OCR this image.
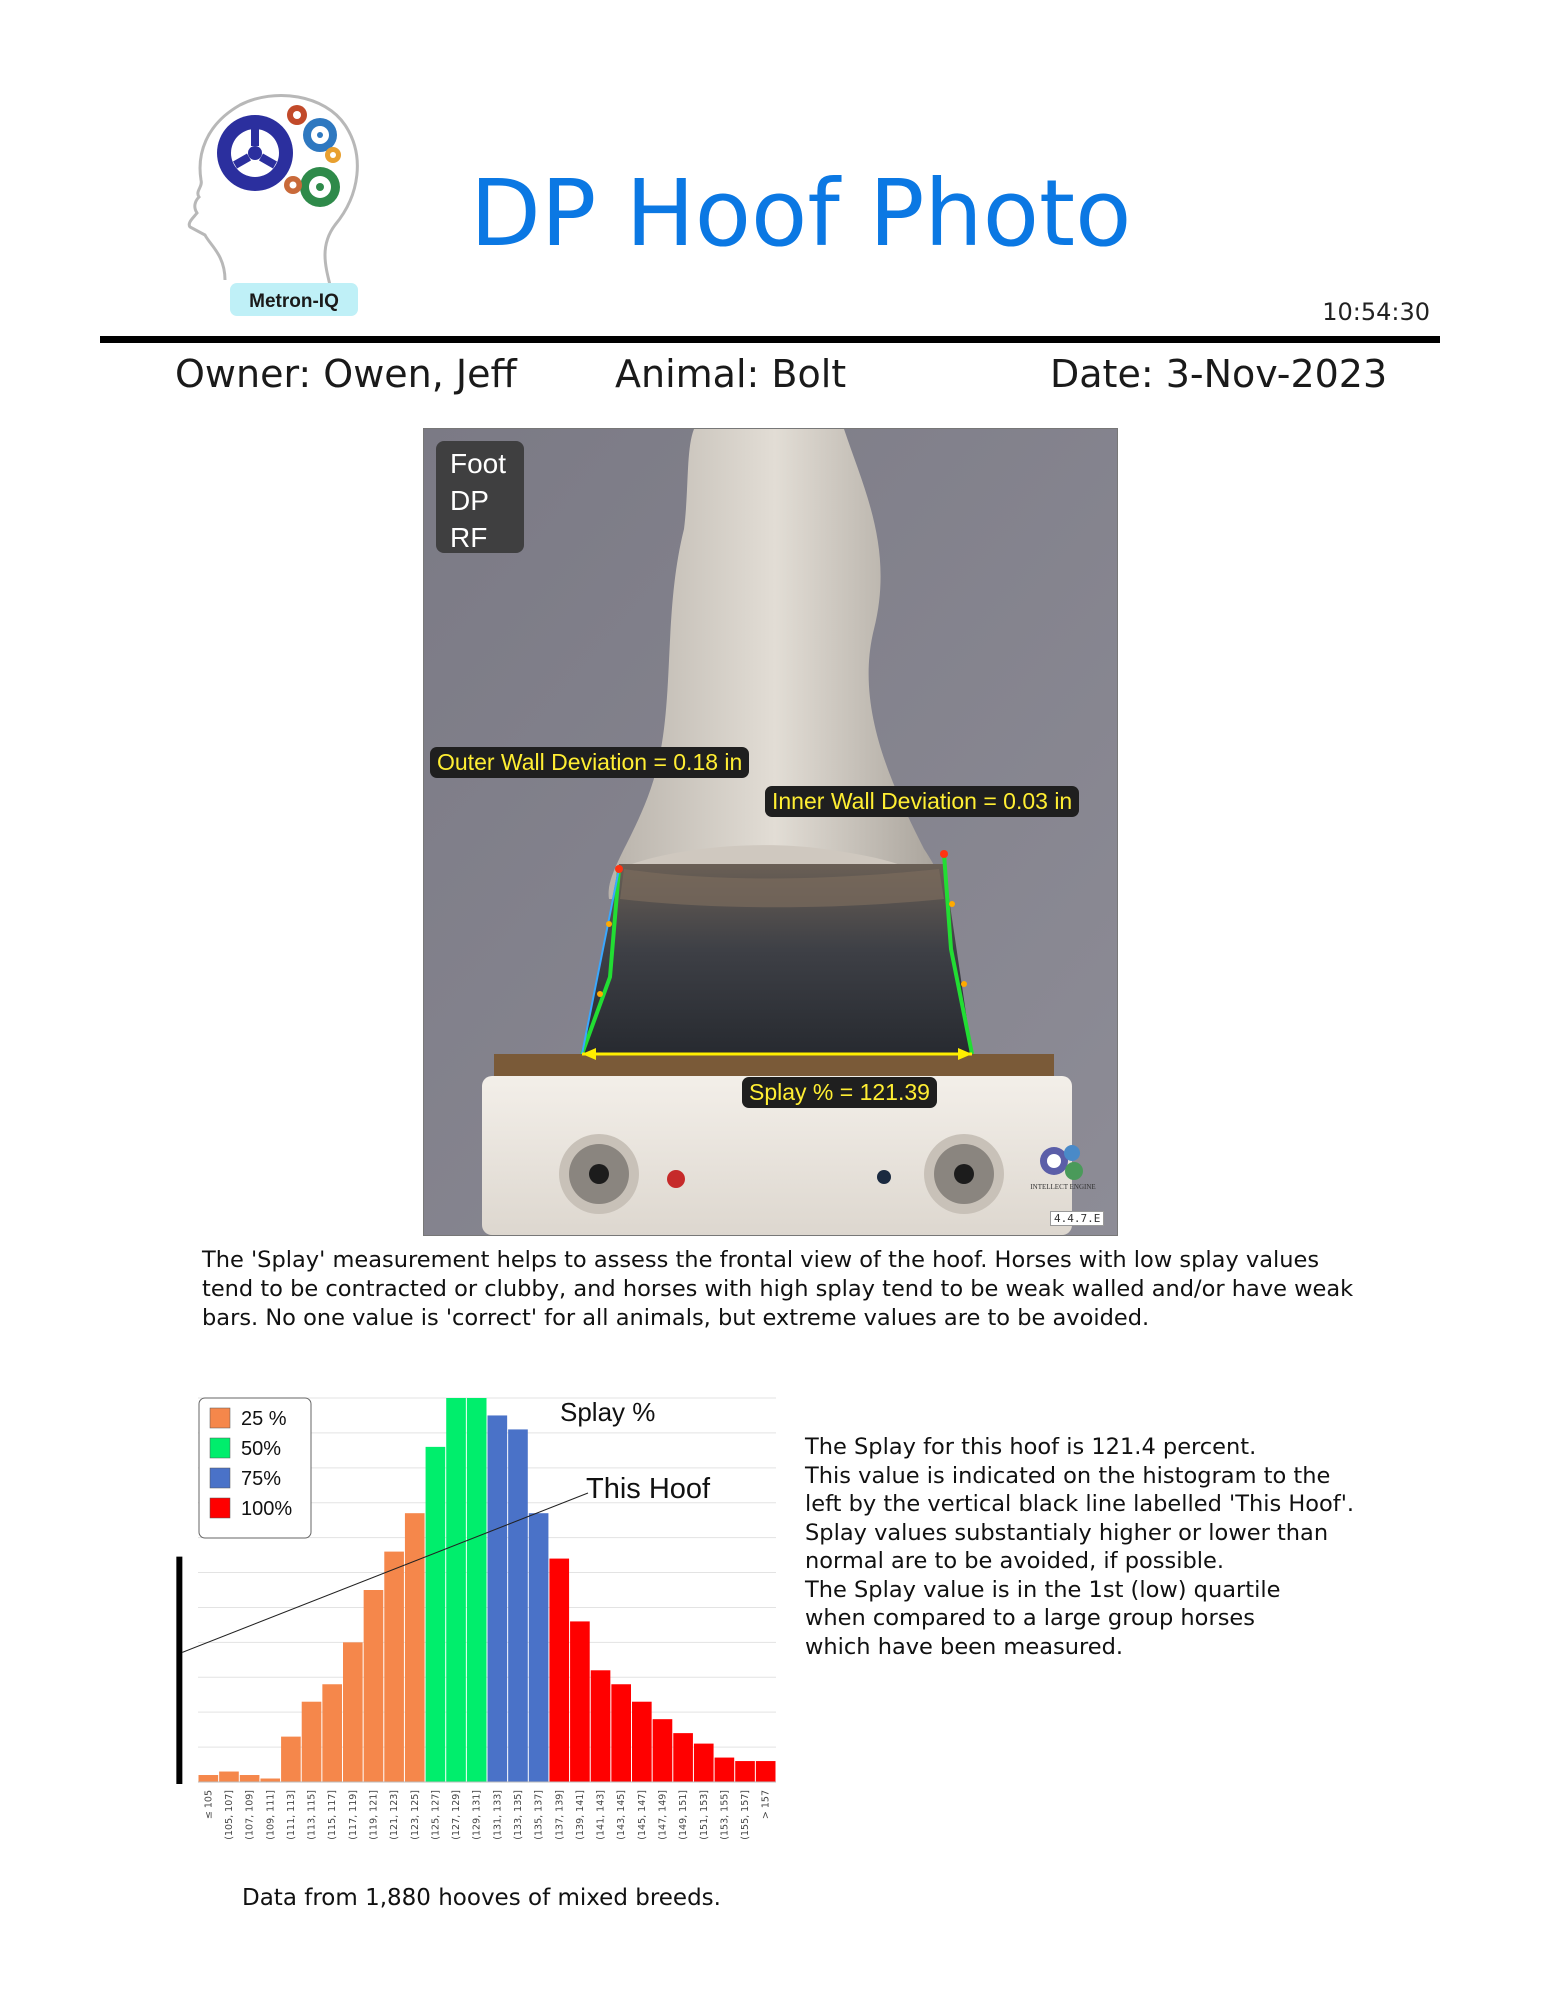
Metron-IQ
DP Hoof Photo
10:54:30
Owner: Owen, Jeff	Animal: Bolt	Date: 3-Nov-2023
Foot
DP
RF
Outer Wall Deviation = 0.18 in
Inner Wall Deviation = 0.03 in
Splay % = 121.39
INTELLECT ENGINE
4.4.7.E
The 'Splay' measurement helps to assess the frontal view of the hoof. Horses with low splay values
tend to be contracted or clubby, and horses with high splay tend to be weak walled and/or have weak
bars. No one value is 'correct' for all animals, but extreme values are to be avoided.
≤ 105 (105, 107] (107, 109] (109, 111] (111, 113] (113, 115] (115, 117] (117, 119] (119, 121] (121, 123] (123, 125] (125, 127] (127, 129] (129, 131] (131, 133] (133, 135] (135, 137] (137, 139] (139, 141] (141, 143] (143, 145] (145, 147] (147, 149] (149, 151] (151, 153] (153, 155] (155, 157] > 157
This Hoof
Splay %
25 %
50%
75%
100%
The Splay for this hoof is 121.4 percent.
This value is indicated on the histogram to the
left by the vertical black line labelled 'This Hoof'.
Splay values substantialy higher or lower than
normal are to be avoided, if possible.
The Splay value is in the 1st (low) quartile
when compared to a large group horses
which have been measured.
Data from 1,880 hooves of mixed breeds.
